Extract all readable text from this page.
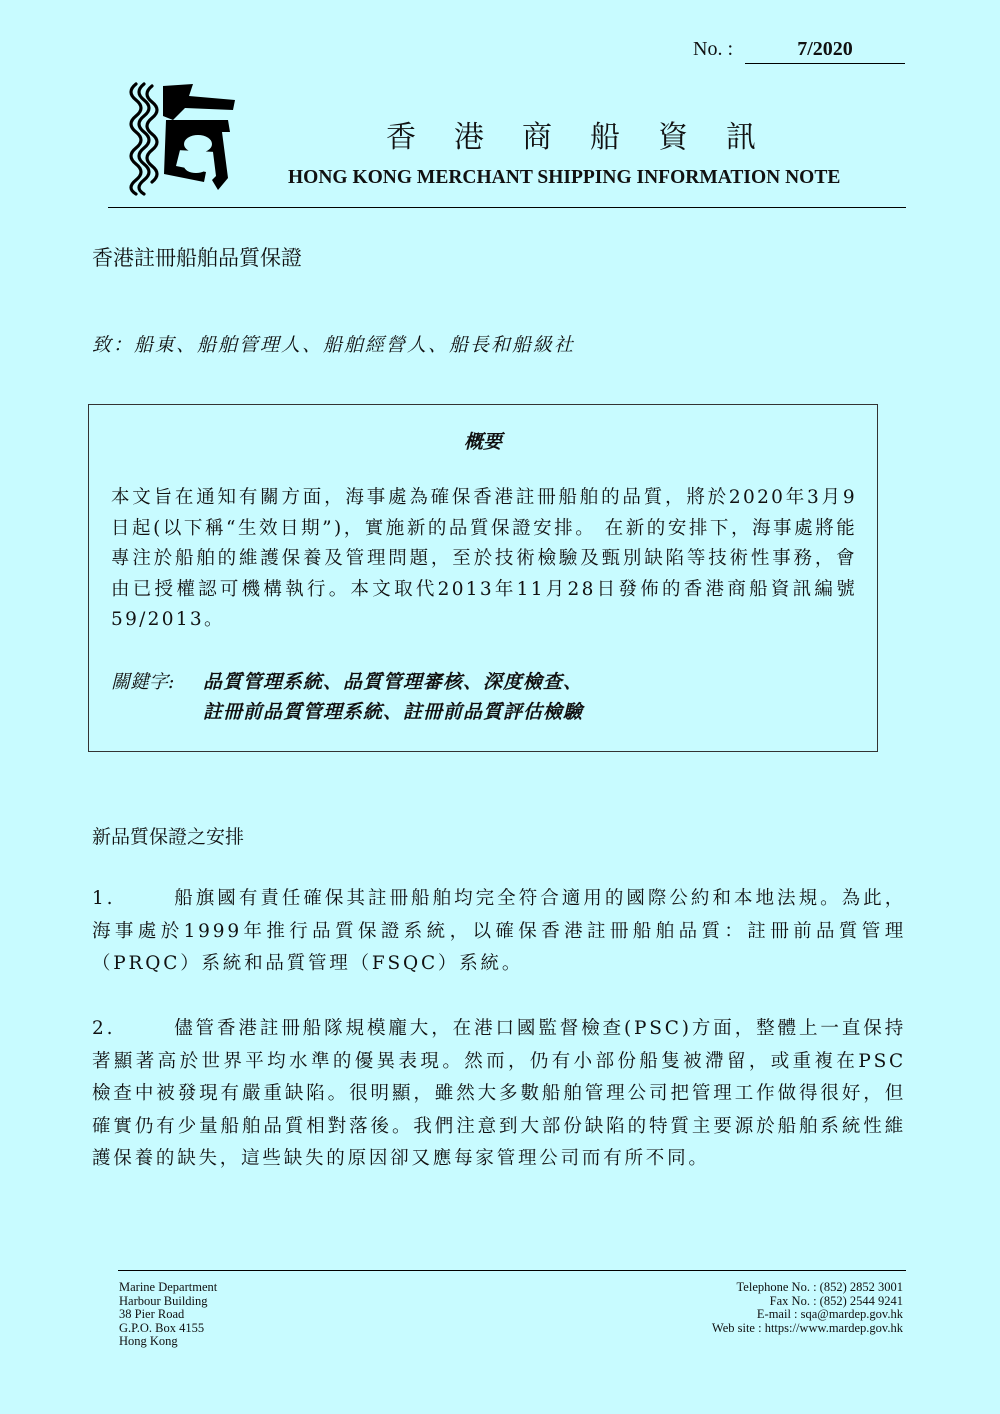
No. :	7/2020
香港商船資訊
HONG KONG MERCHANT SHIPPING INFORMATION NOTE
香港註冊船舶品質保證
致：船東、船舶管理人、船舶經營人、船長和船級社
概要
本文旨在通知有關方面，海事處為確保香港註冊船舶的品質，將於2020年3月9日起(以下稱“生效日期”)，實施新的品質保證安排。 在新的安排下，海事處將能專注於船舶的維護保養及管理問題，至於技術檢驗及甄別缺陷等技術性事務，會由已授權認可機構執行。本文取代2013年11月28日發佈的香港商船資訊編號 59/2013。
關鍵字: 品質管理系統、品質管理審核、深度檢查、
註冊前品質管理系統、註冊前品質評估檢驗
新品質保證之安排
1.	船旗國有責任確保其註冊船舶均完全符合適用的國際公約和本地法規。為此，海事處於1999年推行品質保證系統，以確保香港註冊船舶品質：註冊前品質管理（PRQC）系統和品質管理（FSQC）系統。
2.	儘管香港註冊船隊規模龐大，在港口國監督檢查(PSC)方面，整體上一直保持著顯著高於世界平均水準的優異表現。然而，仍有小部份船隻被滯留，或重複在PSC檢查中被發現有嚴重缺陷。很明顯，雖然大多數船舶管理公司把管理工作做得很好，但確實仍有少量船舶品質相對落後。我們注意到大部份缺陷的特質主要源於船舶系統性維護保養的缺失，這些缺失的原因卻又應每家管理公司而有所不同。
Marine Department
Harbour Building
38 Pier Road
G.P.O. Box 4155
Hong Kong
Telephone No. : (852) 2852 3001
Fax No. : (852) 2544 9241
E-mail : sqa@mardep.gov.hk
Web site : https://www.mardep.gov.hk
